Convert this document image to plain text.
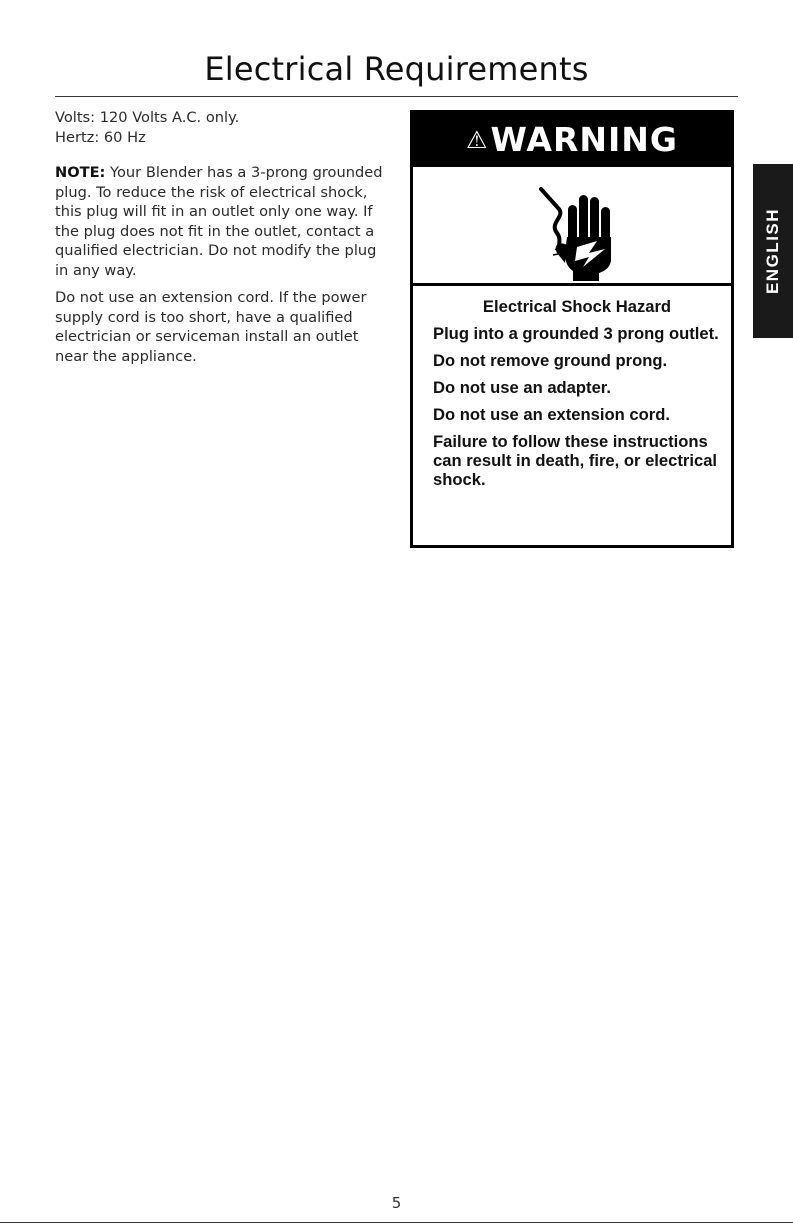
Electrical Requirements

Volts: 120 Volts A.C. only.

Hertz: 60 Hz

NOTE: Your Blender has a 3-prong grounded plug. To reduce the risk of electrical shock, this plug will fit in an outlet only one way. If the plug does not fit in the outlet, contact a qualified electrician. Do not modify the plug in any way.

Do not use an extension cord. If the power supply cord is too short, have a qualified electrician or serviceman install an outlet near the appliance.

⚠WARNING

Electrical Shock Hazard

Plug into a grounded 3 prong outlet.

Do not remove ground prong.

Do not use an adapter.

Do not use an extension cord.

Failure to follow these instructions can result in death, fire, or electrical shock.

ENGLISH
5
